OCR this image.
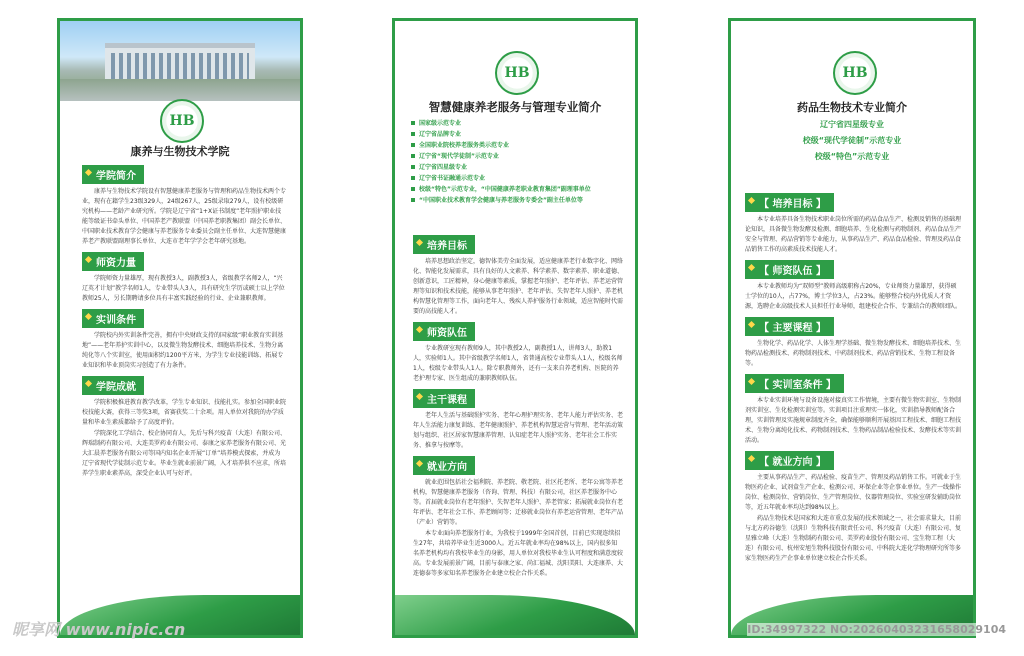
HB
康养与生物技术学院
学院简介
康养与生物技术学院设有智慧健康养老服务与管理和药品生物技术两个专业，现有在籍学生23级329人，24级267人，25级录取279人，设有校级研究机构——老龄产业研究所。学院是辽宁省“1+X证书制度”老年照护职业技能等级证书牵头单位、中国养老产教联盟（中国养老职教集团）副会长单位、中国职业技术教育学会健康与养老服务专业委员会副主任单位、大连智慧健康养老产教联盟副理事长单位、大连市老年学学会老年研究基地。
师资力量
学院师资力量雄厚，现有教授3人，副教授3人，省级教学名师2人，“兴辽英才计划”教学名师1人，专业带头人3人，具有研究生学历或硕士以上学位教师25人，另长期聘请多位具有丰富实践经验的行业、企业兼职教师。
实训条件
学院校内外实训条件完善，拥有中央财政支持的国家级“职业教育实训基地”——老年养护实训中心，以及微生物发酵技术、细胞培养技术、生物分离纯化等八个实训室，使用面积约1200平方米，为学生专业技能训练、拓展专业知识和毕业顶岗实习创造了有力条件。
学院成就
学院积极推进教育教学改革，学生专业知识、技能扎实。参加全国职业院校技能大赛，获得三等奖3项，省赛获奖二十余项。用人单位对我院的办学质量和毕业生素质都给予了高度评价。
学院深化工学结合、校企协同育人，先后与科兴疫苗（大连）有限公司、辉瑞制药有限公司、大连美罗药业有限公司、泰康之家养老服务有限公司、光大汇晨养老服务有限公司等国内知名企业开展“订单”培养模式探索，并成为辽宁省现代学徒制示范专业。毕业生就业前景广阔，入才培养供不应求，所培养学生职业素养高，深受企业认可与好评。
HB
智慧健康养老服务与管理专业简介
国家级示范专业
辽宁省品牌专业
全国职业院校养老服务类示范专业
辽宁省“现代学徒制”示范专业
辽宁省四星级专业
辽宁省书证融通示范专业
校级“特色”示范专业，“中国健康养老职业教育集团”副理事单位
“中国职业技术教育学会健康与养老服务专委会”副主任单位等
培养目标
培养思想政治坚定，德智体美劳全面发展，适应健康养老行业数字化、网络化、智能化发展需求，具有良好的人文素养、科学素养、数字素养、职业道德、创新意识，工匠精神，身心健康等素质，掌握老年照护、老年评估、养老运营管理等知识和技术技能，能够从事老年照护、老年评估、失智老年人照护、养老机构智慧化管理等工作，面向老年人、残疾人养护服务行业领域，适应智能时代需要的高技能人才。
师资队伍
专业教研室现有教师9人，其中教授2人，副教授1人，讲师3人，助教1人，实验师1人。其中省级教学名师1人，省普通高校专业带头人1人，校级名师1人，校级专业带头人1人。除专职教师外，还有一支来自养老机构、医院的养老护理专家、医生组成的兼职教师队伍。
主干课程
老年人生活与基础照护实务、老年心理护理实务、老年人能力评估实务、老年人生活能力康复训练、老年健康照护、养老机构智慧运营与管理、老年活动策划与组织、社区居家智慧康养管理、认知症老年人照护实务、老年社会工作实务、推拿与按摩等。
就业方向
就业范围包括社会福利院、养老院、敬老院、社区托老所、老年公寓等养老机构，智慧健康养老服务（咨询、管理、科技）有限公司，社区养老服务中心等。首届就业岗位有老年照护、失智老年人照护、养老管家；拓展就业岗位有老年评估、老年社会工作、养老顾问等；迁移就业岗位有养老运营管理、老年产品（产业）营销等。
本专业面向养老服务行业，为我校于1999年全国首创，目前已实现连续招生27年，共培养毕业生近3000人。近五年就业率均在98%以上，国内很多知名养老机构均有我校毕业生的身影，用人单位对我校毕业生认可程度和满意度较高。专业发展前景广阔，目前与泰康之家、尚汇福城、沈阳美阳、大连康养、大连德泰等多家知名养老服务企业建立校企合作关系。
HB
药品生物技术专业简介
辽宁省四星级专业
校级“现代学徒制”示范专业
校级“特色”示范专业
【 培养目标 】
本专业培养具备生物技术职业岗位所需的药品食品生产、检测及销售的基础理论知识，具备微生物发酵及检测、细胞培养、生化检测与药物制剂、药品食品生产安全与管理、药品营销等专业能力，从事药品生产、药品食品检验、管理及药品食品销售工作的高素质技术技能人才。
【 师资队伍 】
本专业教师均为“双师型”教师高级职称占20%，专业师资力量雄厚，获得硕士学位的10人，占77%，博士学位3人，占23%。能够整合校内外优质人才资源，选聘企业高级技术人员担任行业导师，组建校企合作、专兼结合的教师团队。
【 主要课程 】
生物化学、药品化学、人体生理学基础、微生物发酵技术、细胞培养技术、生物药品检测技术、药物制剂技术、中药制剂技术、药品营销技术、生物工程设备等。
【 实训室条件 】
本专业实训环境与设备设施对接真实工作情境，主要有微生物实训室、生物制剂实训室、生化检测实训室等。实训项目注重理实一体化，实训指导教师配备合理，实训管理及实施规章制度齐全，确保能够顺利开展基因工程技术、细胞工程技术、生物分离纯化技术、药物制剂技术、生物药品制品检验技术、发酵技术等实训活动。
【 就业方向 】
主要从事药品生产、药品检验、疫苗生产、管理及药品销售工作。可就业于生物医药企业、试剂盒生产企业、检测公司、环保企业等企事业单位。生产一线操作岗位、检测岗位、营销岗位、生产管理岗位、仪器管理岗位、实验室研发辅助岗位等，近五年就业率均达到98%以上。
药品生物技术是国家和大连市重点发展的技术领域之一，社会需求量大，目前与北方药谷德生（沈阳）生物科技有限责任公司、科兴疫苗（大连）有限公司、复星雅立峰（大连）生物制药有限公司、美罗药业股份有限公司、宝生物工程（大连）有限公司、杭州安旭生物科技股份有限公司、中科院大连化学物理研究所等多家生物医药生产企事业单位建立校企合作关系。
昵享网 www.nipic.cn	ID:34997322 NO:20260403231658029104
